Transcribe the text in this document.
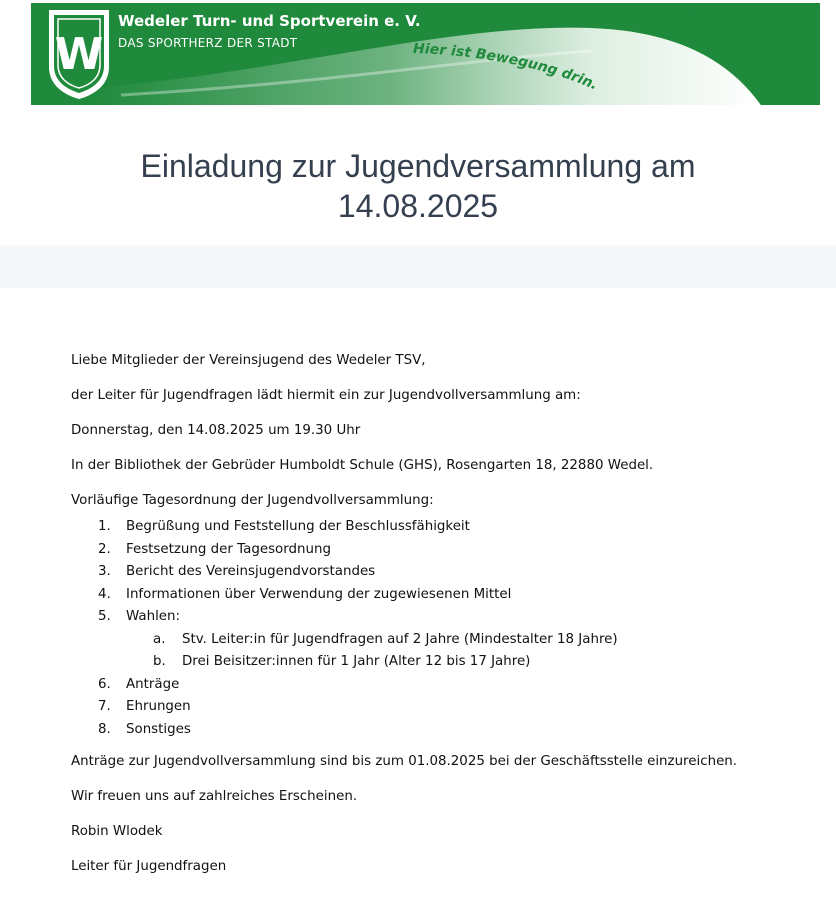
W
Wedeler Turn- und Sportverein e. V.
DAS SPORTHERZ DER STADT	Hier ist Bewegung drin.
Einladung zur Jugendversammlung am
14.08.2025

Liebe Mitglieder der Vereinsjugend des Wedeler TSV,

der Leiter für Jugendfragen lädt hiermit ein zur Jugendvollversammlung am:

Donnerstag, den 14.08.2025 um 19.30 Uhr

In der Bibliothek der Gebrüder Humboldt Schule (GHS), Rosengarten 18, 22880 Wedel.

Vorläufige Tagesordnung der Jugendvollversammlung:

1. Begrüßung und Feststellung der Beschlussfähigkeit
2. Festsetzung der Tagesordnung
3. Bericht des Vereinsjugendvorstandes
4. Informationen über Verwendung der zugewiesenen Mittel
5. Wahlen:
a. Stv. Leiter:in für Jugendfragen auf 2 Jahre (Mindestalter 18 Jahre)
b. Drei Beisitzer:innen für 1 Jahr (Alter 12 bis 17 Jahre)
6. Anträge
7. Ehrungen
8. Sonstiges

Anträge zur Jugendvollversammlung sind bis zum 01.08.2025 bei der Geschäftsstelle einzureichen.

Wir freuen uns auf zahlreiches Erscheinen.

Robin Wlodek

Leiter für Jugendfragen
